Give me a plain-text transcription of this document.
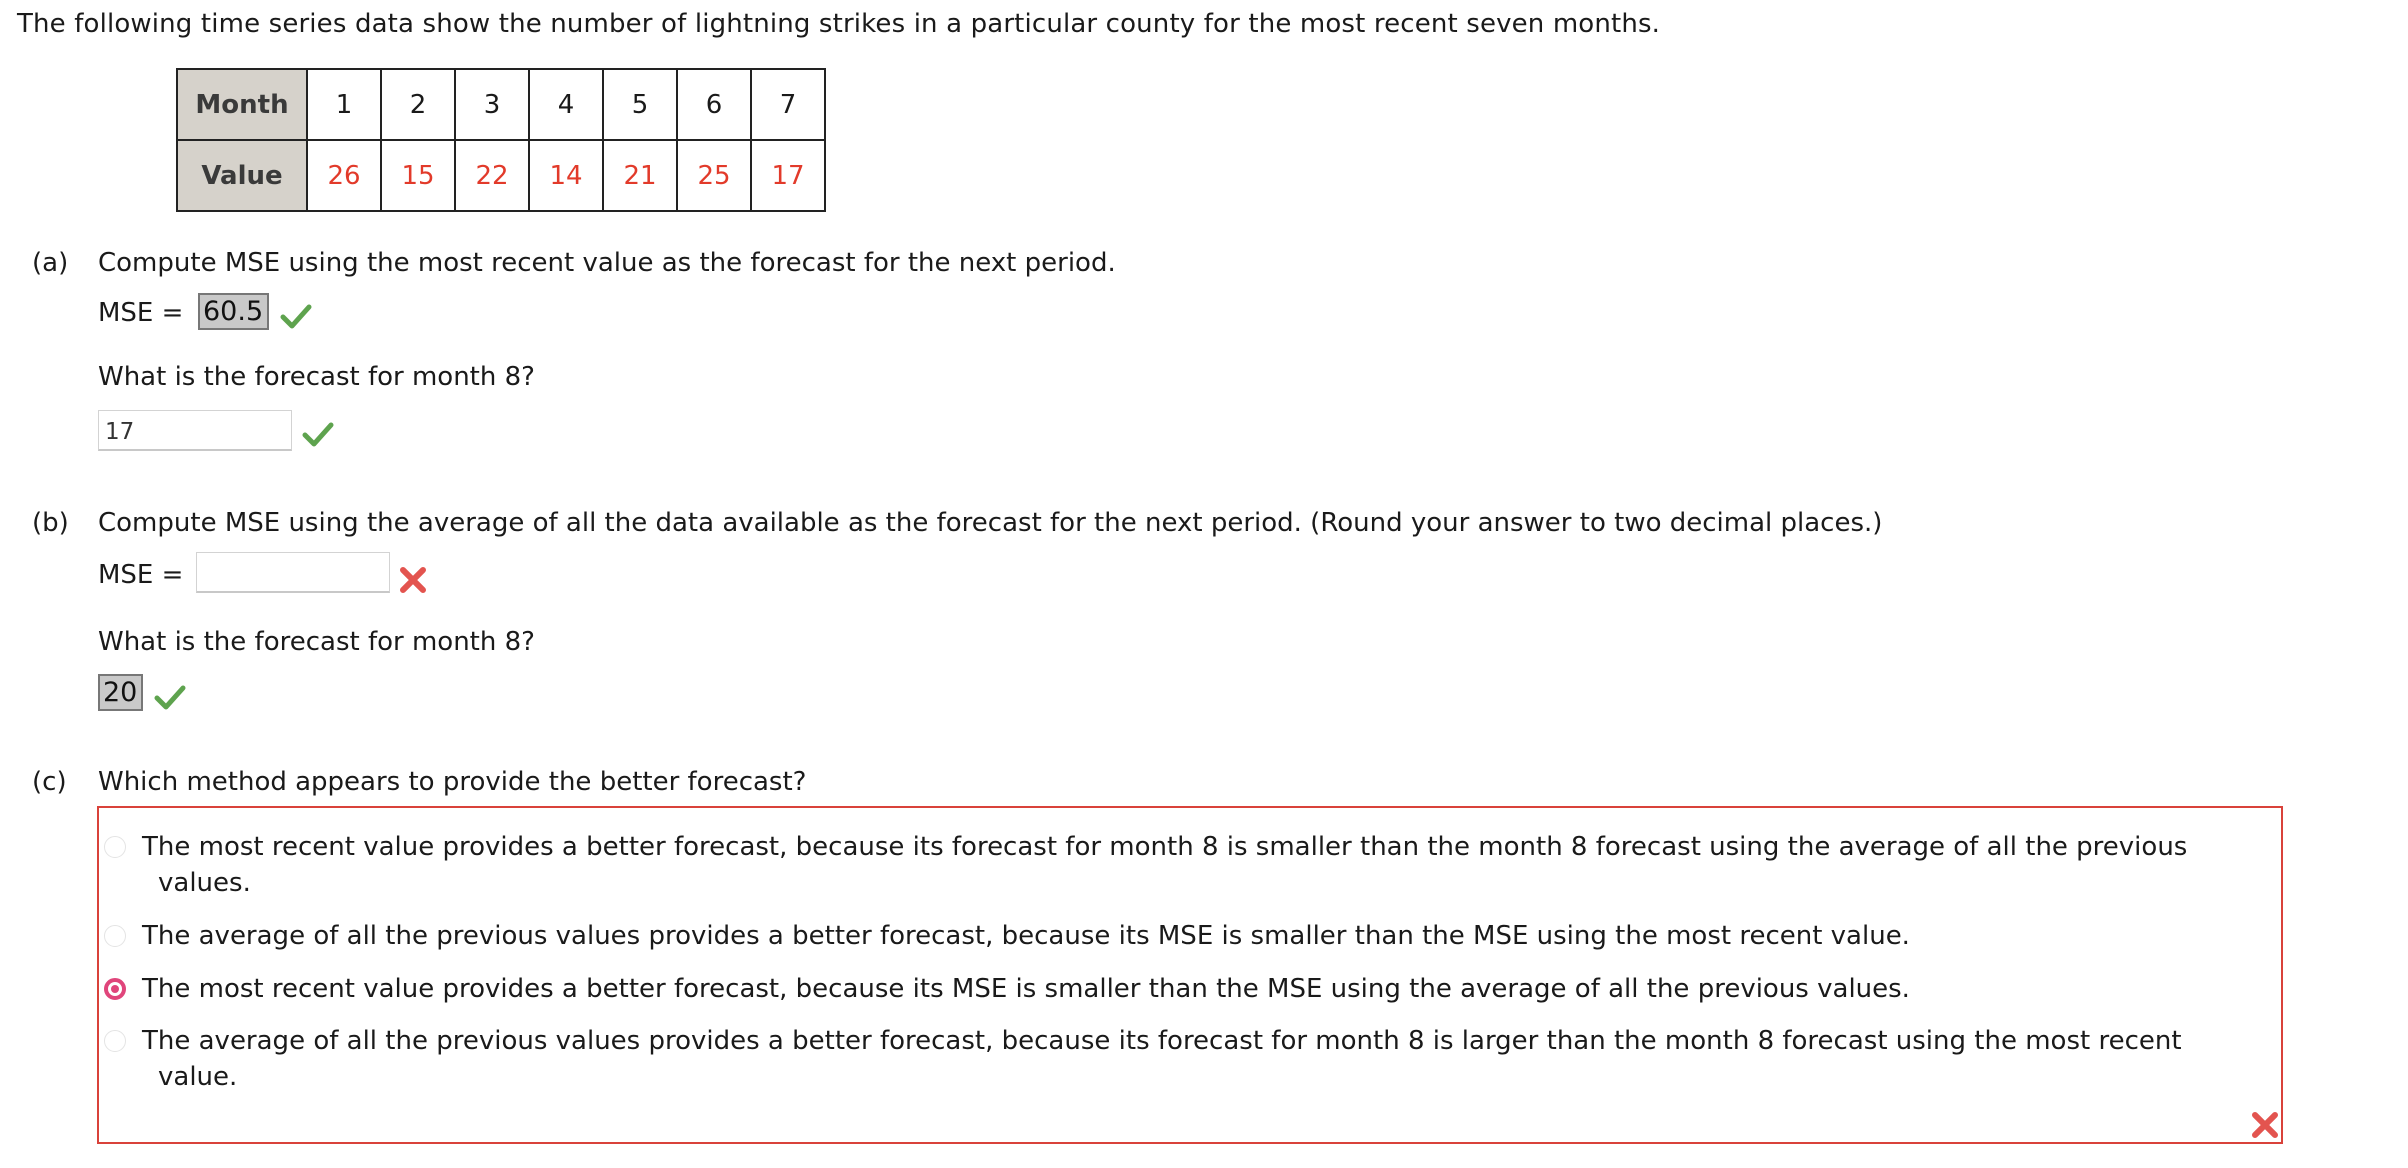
The following time series data show the number of lightning strikes in a particular county for the most recent seven months.
Month	1	2	3	4	5	6	7
Value	26	15	22	14	21	25	17
(a) Compute MSE using the most recent value as the forecast for the next period.
MSE = 60.5
What is the forecast for month 8?
17
(b) Compute MSE using the average of all the data available as the forecast for the next period. (Round your answer to two decimal places.)
MSE =
What is the forecast for month 8?
20
(c) Which method appears to provide the better forecast?
The most recent value provides a better forecast, because its forecast for month 8 is smaller than the month 8 forecast using the average of all the previous
values.
The average of all the previous values provides a better forecast, because its MSE is smaller than the MSE using the most recent value.
The most recent value provides a better forecast, because its MSE is smaller than the MSE using the average of all the previous values.
The average of all the previous values provides a better forecast, because its forecast for month 8 is larger than the month 8 forecast using the most recent
value.
